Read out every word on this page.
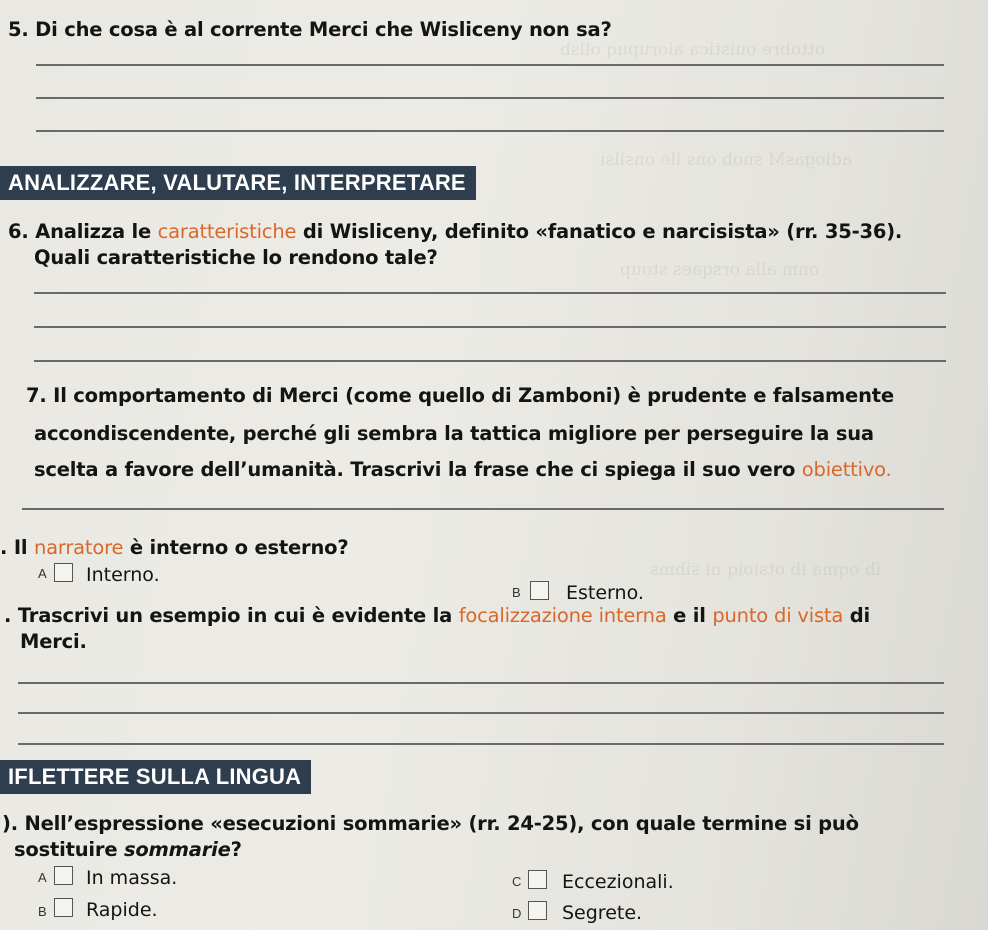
ottobre ouistica aiorupuq ollsb
adiogasM snob ons ile onsilsi
onm alla orsqaes stoup
ib oqma ib otsioiq ni sibms
5. Di che cosa è al corrente Merci che Wisliceny non sa?
ANALIZZARE, VALUTARE, INTERPRETARE
6. Analizza le caratteristiche di Wisliceny, definito «fanatico e narcisista» (rr. 35-36).
Quali caratteristiche lo rendono tale?
7. Il comportamento di Merci (come quello di Zamboni) è prudente e falsamente
accondiscendente, perché gli sembra la tattica migliore per perseguire la sua
scelta a favore dell’umanità. Trascrivi la frase che ci spiega il suo vero obiettivo.
. Il narratore è interno o esterno?
A Interno.
B Esterno.
. Trascrivi un esempio in cui è evidente la focalizzazione interna e il punto di vista di
Merci.
IFLETTERE SULLA LINGUA
). Nell’espressione «esecuzioni sommarie» (rr. 24-25), con quale termine si può
sostituire sommarie?
A In massa.
B Rapide.
C Eccezionali.
D Segrete.
